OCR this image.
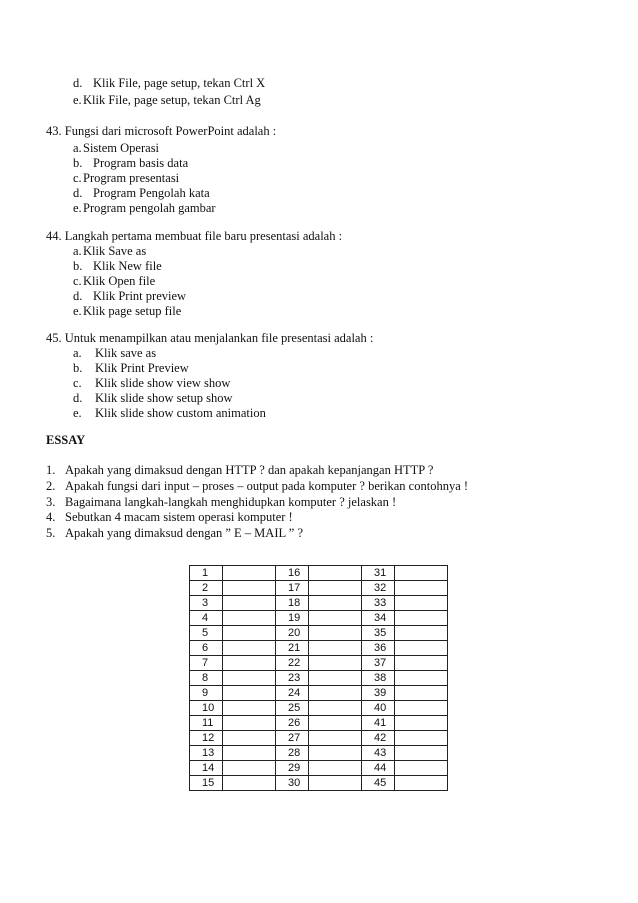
d. Klik File, page setup, tekan Ctrl X
e.Klik File, page setup, tekan Ctrl Ag
43. Fungsi dari microsoft PowerPoint adalah :
a.Sistem Operasi
b. Program basis data
c.Program presentasi
d. Program Pengolah kata
e.Program pengolah gambar
44. Langkah pertama membuat file baru presentasi adalah :
a.Klik Save as
b. Klik New file
c.Klik Open file
d. Klik Print preview
e.Klik page setup file
45. Untuk menampilkan atau menjalankan file presentasi adalah :
a. Klik save as
b. Klik Print Preview
c. Klik slide show view show
d. Klik slide show setup show
e. Klik slide show custom animation
ESSAY
1. Apakah yang dimaksud dengan HTTP ? dan apakah kepanjangan HTTP ?
2. Apakah fungsi dari input – proses – output pada komputer ? berikan contohnya !
3. Bagaimana langkah-langkah menghidupkan komputer ? jelaskan !
4. Sebutkan 4 macam sistem operasi komputer !
5. Apakah yang dimaksud dengan ” E – MAIL ” ?
1		16		31	
2		17		32	
3		18		33	
4		19		34	
5		20		35	
6		21		36	
7		22		37	
8		23		38	
9		24		39	
10		25		40	
11		26		41	
12		27		42	
13		28		43	
14		29		44	
15		30		45	
